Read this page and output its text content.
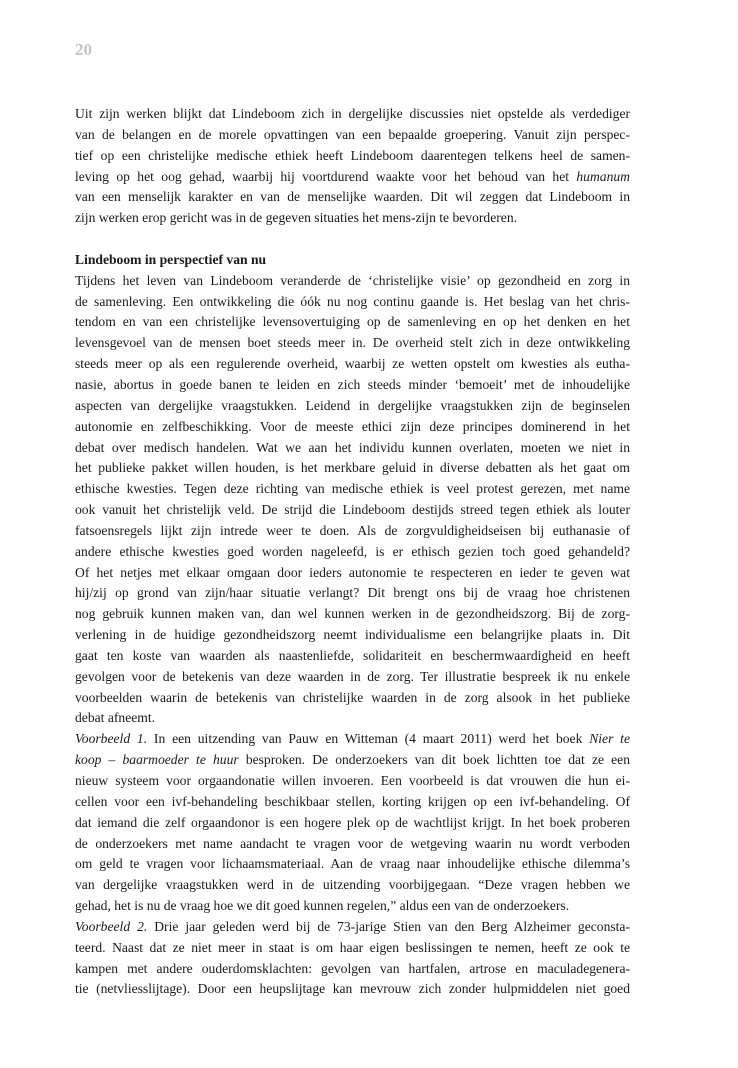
20
Uit zijn werken blijkt dat Lindeboom zich in dergelijke discussies niet opstelde als verdediger
van de belangen en de morele opvattingen van een bepaalde groepering. Vanuit zijn perspec-
tief op een christelijke medische ethiek heeft Lindeboom daarentegen telkens heel de samen-
leving op het oog gehad, waarbij hij voortdurend waakte voor het behoud van het humanum
van een menselijk karakter en van de menselijke waarden. Dit wil zeggen dat Lindeboom in
zijn werken erop gericht was in de gegeven situaties het mens-zijn te bevorderen.
Lindeboom in perspectief van nu
Tijdens het leven van Lindeboom veranderde de ‘christelijke visie’ op gezondheid en zorg in
de samenleving. Een ontwikkeling die óók nu nog continu gaande is. Het beslag van het chris-
tendom en van een christelijke levensovertuiging op de samenleving en op het denken en het
levensgevoel van de mensen boet steeds meer in. De overheid stelt zich in deze ontwikkeling
steeds meer op als een regulerende overheid, waarbij ze wetten opstelt om kwesties als eutha-
nasie, abortus in goede banen te leiden en zich steeds minder ‘bemoeit’ met de inhoudelijke
aspecten van dergelijke vraagstukken. Leidend in dergelijke vraagstukken zijn de beginselen
autonomie en zelfbeschikking. Voor de meeste ethici zijn deze principes dominerend in het
debat over medisch handelen. Wat we aan het individu kunnen overlaten, moeten we niet in
het publieke pakket willen houden, is het merkbare geluid in diverse debatten als het gaat om
ethische kwesties. Tegen deze richting van medische ethiek is veel protest gerezen, met name
ook vanuit het christelijk veld. De strijd die Lindeboom destijds streed tegen ethiek als louter
fatsoensregels lijkt zijn intrede weer te doen. Als de zorgvuldigheidseisen bij euthanasie of
andere ethische kwesties goed worden nageleefd, is er ethisch gezien toch goed gehandeld?
Of het netjes met elkaar omgaan door ieders autonomie te respecteren en ieder te geven wat
hij/zij op grond van zijn/haar situatie verlangt? Dit brengt ons bij de vraag hoe christenen
nog gebruik kunnen maken van, dan wel kunnen werken in de gezondheidszorg. Bij de zorg-
verlening in de huidige gezondheidszorg neemt individualisme een belangrijke plaats in. Dit
gaat ten koste van waarden als naastenliefde, solidariteit en beschermwaardigheid en heeft
gevolgen voor de betekenis van deze waarden in de zorg. Ter illustratie bespreek ik nu enkele
voorbeelden waarin de betekenis van christelijke waarden in de zorg alsook in het publieke
debat afneemt.
Voorbeeld 1. In een uitzending van Pauw en Witteman (4 maart 2011) werd het boek Nier te
koop – baarmoeder te huur besproken. De onderzoekers van dit boek lichtten toe dat ze een
nieuw systeem voor orgaandonatie willen invoeren. Een voorbeeld is dat vrouwen die hun ei-
cellen voor een ivf-behandeling beschikbaar stellen, korting krijgen op een ivf-behandeling. Of
dat iemand die zelf orgaandonor is een hogere plek op de wachtlijst krijgt. In het boek proberen
de onderzoekers met name aandacht te vragen voor de wetgeving waarin nu wordt verboden
om geld te vragen voor lichaamsmateriaal. Aan de vraag naar inhoudelijke ethische dilemma’s
van dergelijke vraagstukken werd in de uitzending voorbijgegaan. “Deze vragen hebben we
gehad, het is nu de vraag hoe we dit goed kunnen regelen,” aldus een van de onderzoekers.
Voorbeeld 2. Drie jaar geleden werd bij de 73-jarige Stien van den Berg Alzheimer geconsta-
teerd. Naast dat ze niet meer in staat is om haar eigen beslissingen te nemen, heeft ze ook te
kampen met andere ouderdomsklachten: gevolgen van hartfalen, artrose en maculadegenera-
tie (netvliesslijtage). Door een heupslijtage kan mevrouw zich zonder hulpmiddelen niet goed
